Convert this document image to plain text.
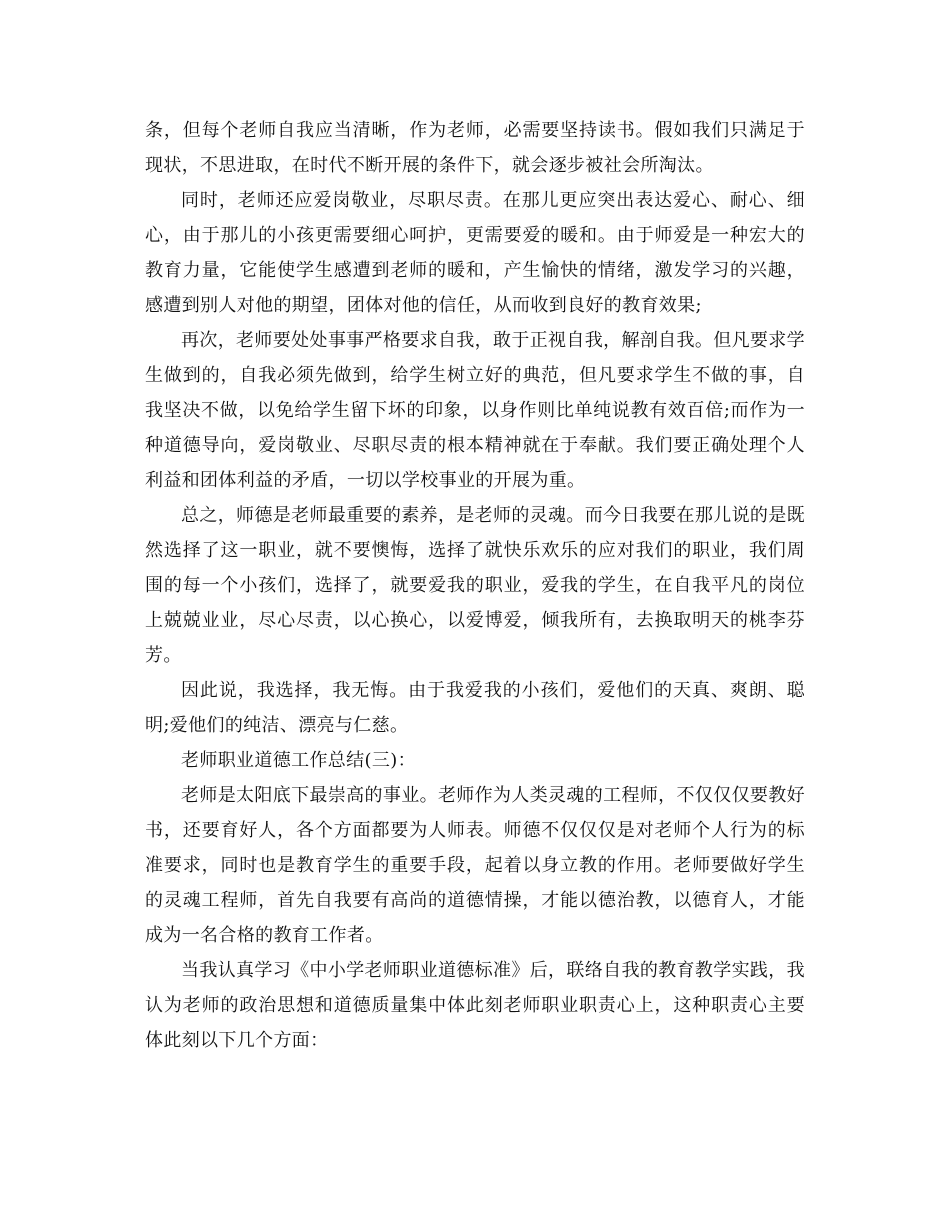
条，但每个老师自我应当清晰，作为老师，必需要坚持读书。假如我们只满足于现状，不思进取，在时代不断开展的条件下，就会逐步被社会所淘汰。

同时，老师还应爱岗敬业，尽职尽责。在那儿更应突出表达爱心、耐心、细心，由于那儿的小孩更需要细心呵护，更需要爱的暖和。由于师爱是一种宏大的教育力量，它能使学生感遭到老师的暖和，产生愉快的情绪，激发学习的兴趣，感遭到别人对他的期望，团体对他的信任，从而收到良好的教育效果;

再次，老师要处处事事严格要求自我，敢于正视自我，解剖自我。但凡要求学生做到的，自我必须先做到，给学生树立好的典范，但凡要求学生不做的事，自我坚决不做，以免给学生留下坏的印象，以身作则比单纯说教有效百倍;而作为一种道德导向，爱岗敬业、尽职尽责的根本精神就在于奉献。我们要正确处理个人利益和团体利益的矛盾，一切以学校事业的开展为重。

总之，师德是老师最重要的素养，是老师的灵魂。而今日我要在那儿说的是既然选择了这一职业，就不要懊悔，选择了就快乐欢乐的应对我们的职业，我们周围的每一个小孩们，选择了，就要爱我的职业，爱我的学生，在自我平凡的岗位上兢兢业业，尽心尽责，以心换心，以爱博爱，倾我所有，去换取明天的桃李芬芳。

因此说，我选择，我无悔。由于我爱我的小孩们，爱他们的天真、爽朗、聪明;爱他们的纯洁、漂亮与仁慈。

老师职业道德工作总结(三)：

老师是太阳底下最崇高的事业。老师作为人类灵魂的工程师，不仅仅仅要教好书，还要育好人，各个方面都要为人师表。师德不仅仅仅是对老师个人行为的标准要求，同时也是教育学生的重要手段，起着以身立教的作用。老师要做好学生的灵魂工程师，首先自我要有高尚的道德情操，才能以德治教，以德育人，才能成为一名合格的教育工作者。

当我认真学习《中小学老师职业道德标准》后，联络自我的教育教学实践，我认为老师的政治思想和道德质量集中体此刻老师职业职责心上，这种职责心主要体此刻以下几个方面：
